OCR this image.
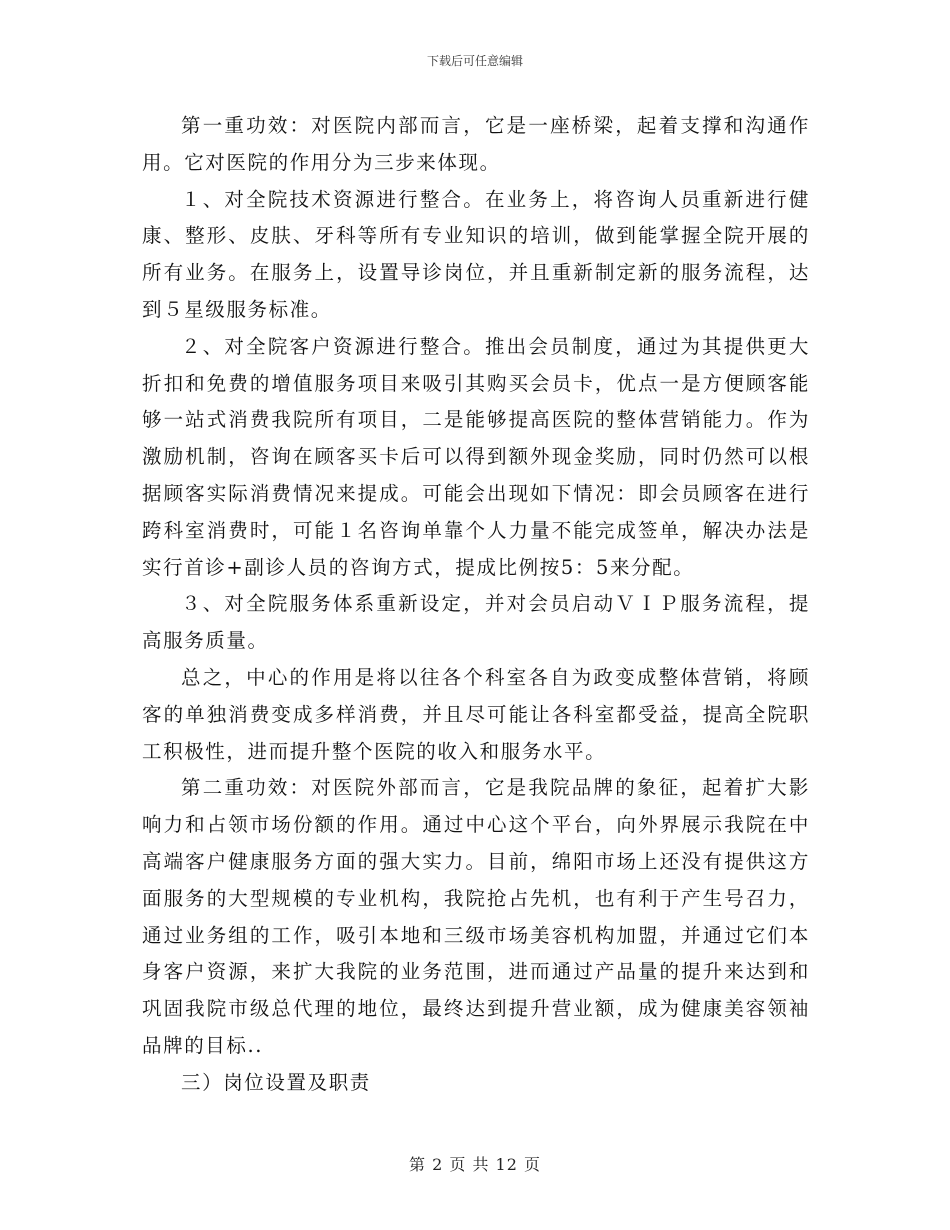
下载后可任意编辑

第一重功效：对医院内部而言，它是一座桥梁，起着支撑和沟通作用。它对医院的作用分为三步来体现。

１、对全院技术资源进行整合。在业务上，将咨询人员重新进行健康、整形、皮肤、牙科等所有专业知识的培训，做到能掌握全院开展的所有业务。在服务上，设置导诊岗位，并且重新制定新的服务流程，达到５星级服务标准。

２、对全院客户资源进行整合。推出会员制度，通过为其提供更大折扣和免费的增值服务项目来吸引其购买会员卡，优点一是方便顾客能够一站式消费我院所有项目，二是能够提高医院的整体营销能力。作为激励机制，咨询在顾客买卡后可以得到额外现金奖励，同时仍然可以根据顾客实际消费情况来提成。可能会出现如下情况：即会员顾客在进行跨科室消费时，可能１名咨询单靠个人力量不能完成签单，解决办法是实行首诊+副诊人员的咨询方式，提成比例按5：5来分配。

３、对全院服务体系重新设定，并对会员启动ＶＩＰ服务流程，提高服务质量。

总之，中心的作用是将以往各个科室各自为政变成整体营销，将顾客的单独消费变成多样消费，并且尽可能让各科室都受益，提高全院职工积极性，进而提升整个医院的收入和服务水平。

第二重功效：对医院外部而言，它是我院品牌的象征，起着扩大影响力和占领市场份额的作用。通过中心这个平台，向外界展示我院在中高端客户健康服务方面的强大实力。目前，绵阳市场上还没有提供这方面服务的大型规模的专业机构，我院抢占先机，也有利于产生号召力，通过业务组的工作，吸引本地和三级市场美容机构加盟，并通过它们本身客户资源，来扩大我院的业务范围，进而通过产品量的提升来达到和巩固我院市级总代理的地位，最终达到提升营业额，成为健康美容领袖品牌的目标..

三）岗位设置及职责

第 2 页 共 12 页
